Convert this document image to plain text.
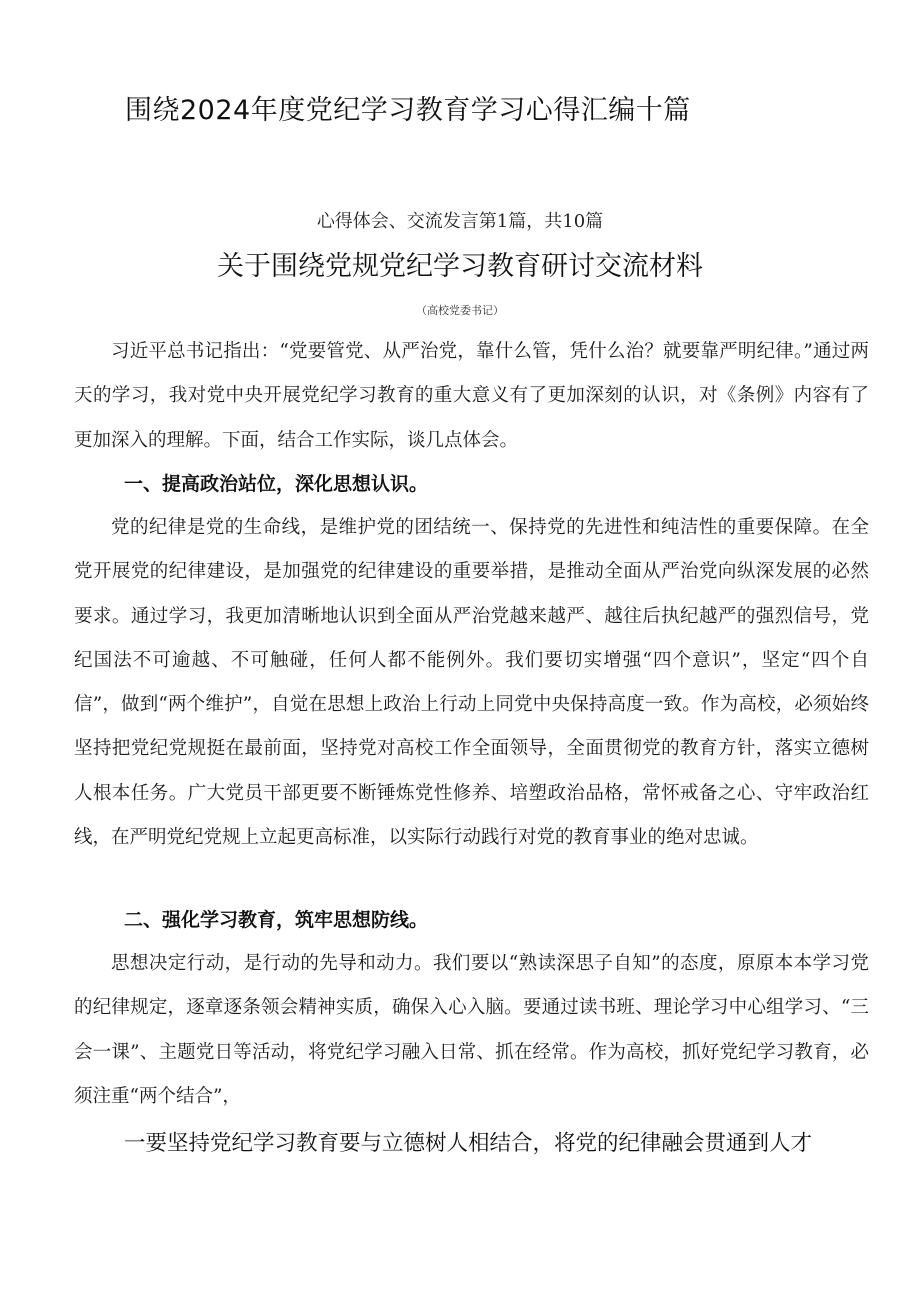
围绕2024年度党纪学习教育学习心得汇编十篇
心得体会、交流发言第1篇，共10篇
关于围绕党规党纪学习教育研讨交流材料
（高校党委书记）

习近平总书记指出：“党要管党、从严治党，靠什么管，凭什么治？就要靠严明纪律。”通过两天的学习，我对党中央开展党纪学习教育的重大意义有了更加深刻的认识，对《条例》内容有了更加深入的理解。下面，结合工作实际，谈几点体会。

一、提高政治站位，深化思想认识。

党的纪律是党的生命线，是维护党的团结统一、保持党的先进性和纯洁性的重要保障。在全党开展党的纪律建设，是加强党的纪律建设的重要举措，是推动全面从严治党向纵深发展的必然要求。通过学习，我更加清晰地认识到全面从严治党越来越严、越往后执纪越严的强烈信号，党纪国法不可逾越、不可触碰，任何人都不能例外。我们要切实增强“四个意识”，坚定“四个自信”，做到“两个维护”，自觉在思想上政治上行动上同党中央保持高度一致。作为高校，必须始终坚持把党纪党规挺在最前面，坚持党对高校工作全面领导，全面贯彻党的教育方针，落实立德树人根本任务。广大党员干部更要不断锤炼党性修养、培塑政治品格，常怀戒备之心、守牢政治红线，在严明党纪党规上立起更高标准，以实际行动践行对党的教育事业的绝对忠诚。

二、强化学习教育，筑牢思想防线。

思想决定行动，是行动的先导和动力。我们要以“熟读深思子自知”的态度，原原本本学习党的纪律规定，逐章逐条领会精神实质，确保入心入脑。要通过读书班、理论学习中心组学习、“三会一课”、主题党日等活动，将党纪学习融入日常、抓在经常。作为高校，抓好党纪学习教育，必须注重“两个结合”，

一要坚持党纪学习教育要与立德树人相结合，将党的纪律融会贯通到人才
